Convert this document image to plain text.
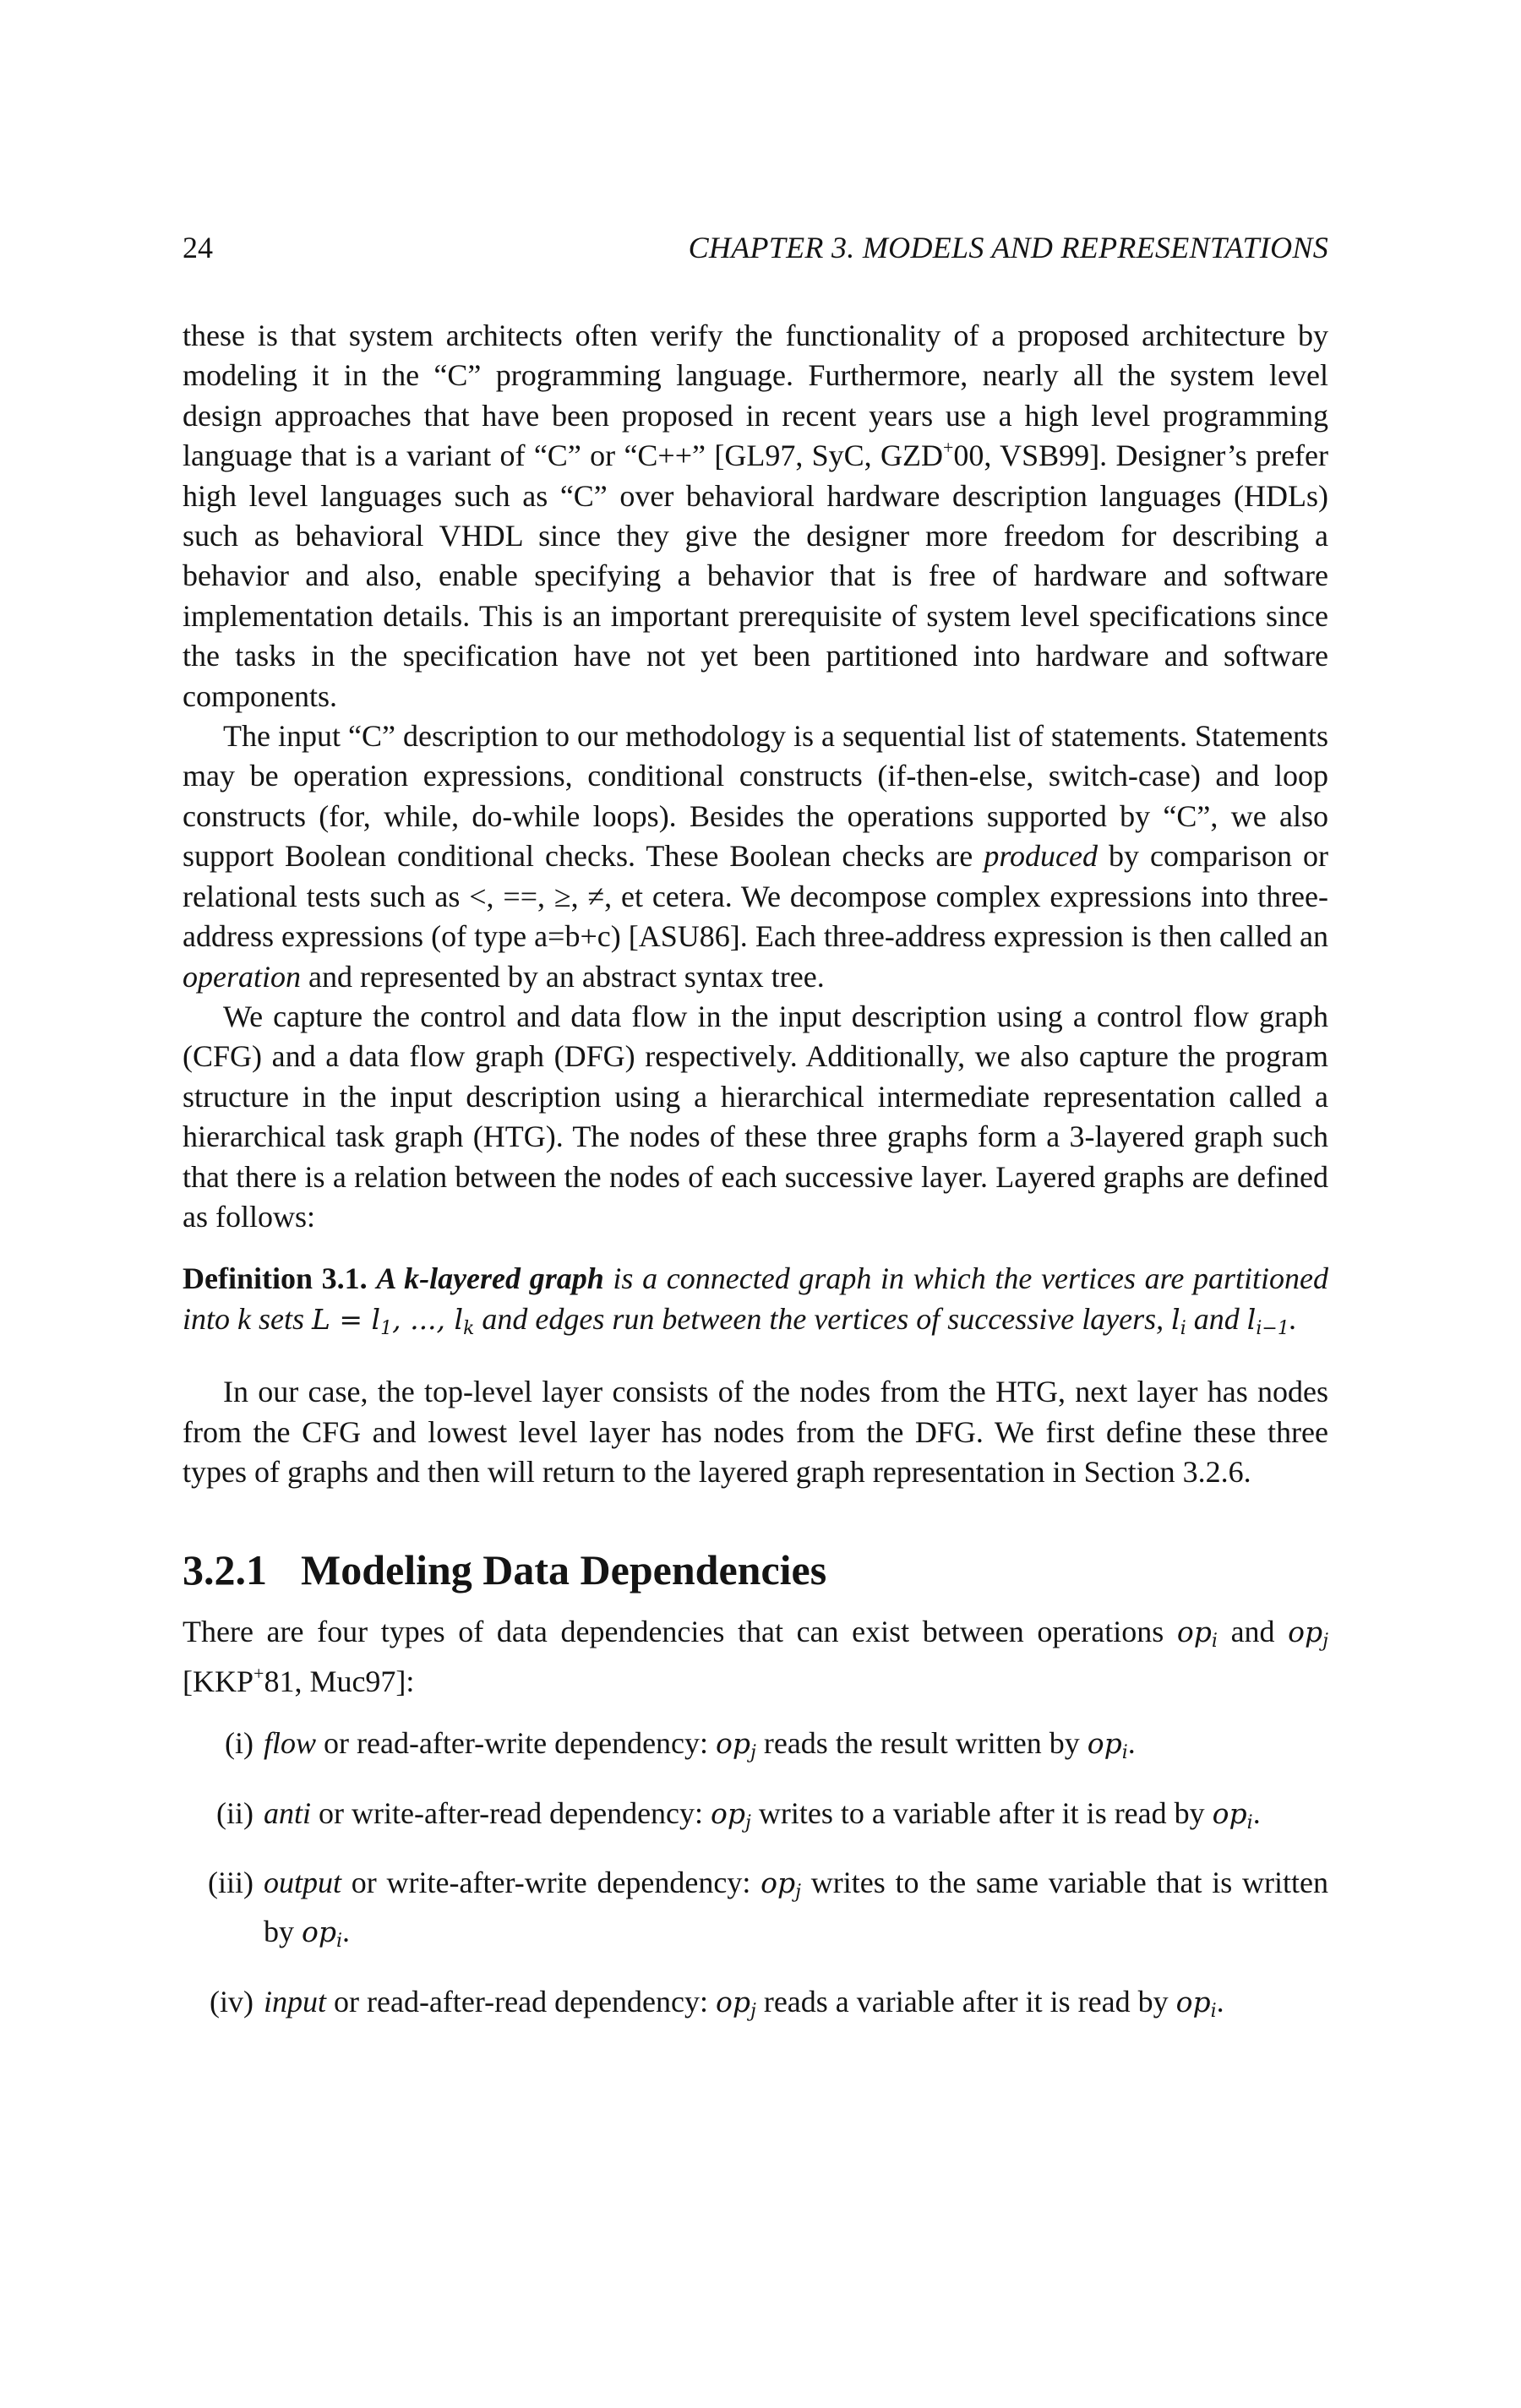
24	CHAPTER 3. MODELS AND REPRESENTATIONS

these is that system architects often verify the functionality of a proposed architecture by modeling it in the “C” programming language. Furthermore, nearly all the system level design approaches that have been proposed in recent years use a high level programming language that is a variant of “C” or “C++” [GL97, SyC, GZD+00, VSB99]. Designer’s prefer high level languages such as “C” over behavioral hardware description languages (HDLs) such as behavioral VHDL since they give the designer more freedom for describing a behavior and also, enable specifying a behavior that is free of hardware and software implementation details. This is an important prerequisite of system level specifications since the tasks in the specification have not yet been partitioned into hardware and software components.

The input “C” description to our methodology is a sequential list of statements. Statements may be operation expressions, conditional constructs (if-then-else, switch-case) and loop constructs (for, while, do-while loops). Besides the operations supported by “C”, we also support Boolean conditional checks. These Boolean checks are produced by comparison or relational tests such as <, ==, ≥, ≠, et cetera. We decompose complex expressions into three-address expressions (of type a=b+c) [ASU86]. Each three-address expression is then called an operation and represented by an abstract syntax tree.

We capture the control and data flow in the input description using a control flow graph (CFG) and a data flow graph (DFG) respectively. Additionally, we also capture the program structure in the input description using a hierarchical intermediate representation called a hierarchical task graph (HTG). The nodes of these three graphs form a 3-layered graph such that there is a relation between the nodes of each successive layer. Layered graphs are defined as follows:

Definition 3.1. A k-layered graph is a connected graph in which the vertices are partitioned into k sets $L = l_1$, ..., $l_k$ and edges run between the vertices of successive layers, $l_i$ and $l_{i-1}$.

In our case, the top-level layer consists of the nodes from the HTG, next layer has nodes from the CFG and lowest level layer has nodes from the DFG. We first define these three types of graphs and then will return to the layered graph representation in Section 3.2.6.

3.2.1 Modeling Data Dependencies

There are four types of data dependencies that can exist between operations $op_i$ and $op_j$ [KKP+81, Muc97]:

(i) flow or read-after-write dependency: $op_j$ reads the result written by $op_i$.
(ii) anti or write-after-read dependency: $op_j$ writes to a variable after it is read by $op_i$.
(iii) output or write-after-write dependency: $op_j$ writes to the same variable that is written by $op_i$.
(iv) input or read-after-read dependency: $op_j$ reads a variable after it is read by $op_i$.
